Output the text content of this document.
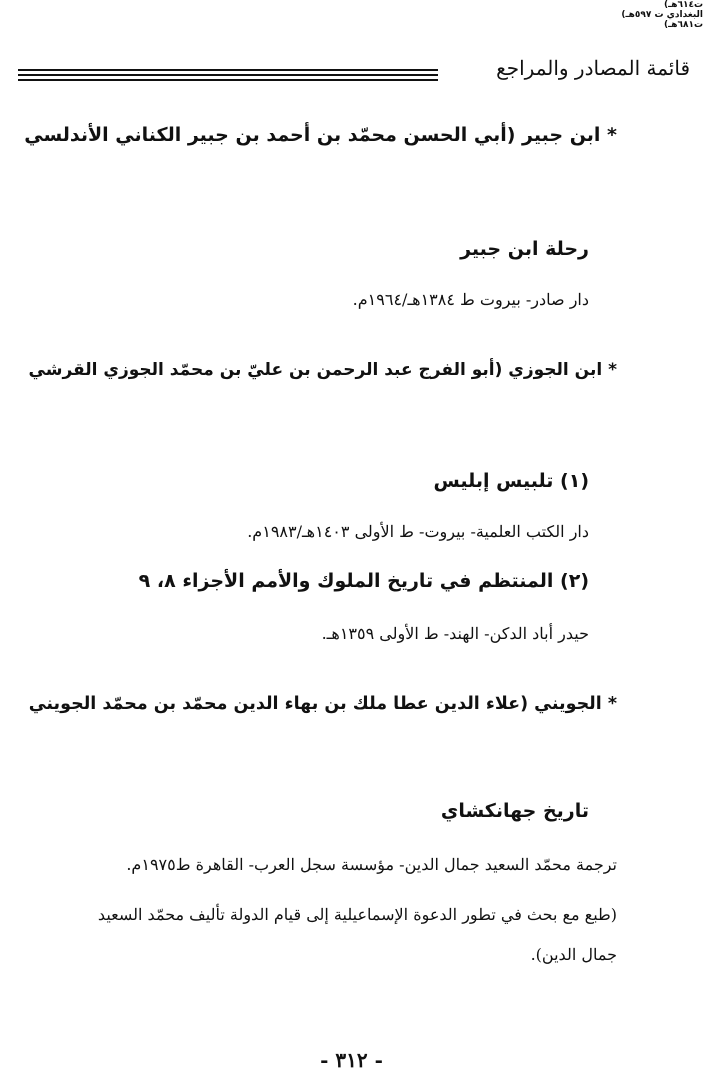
قائمة المصادر والمراجع
* ابن جبير (أبي الحسن محمّد بن أحمد بن جبير الكناني الأندلسي
ت٦١٤هـ)
رحلة ابن جبير
دار صادر- بيروت ط ١٣٨٤هـ/١٩٦٤م.
* ابن الجوزي (أبو الفرج عبد الرحمن بن عليّ بن محمّد الجوزي القرشي
البغدادي ت ٥٩٧هـ)
(١) تلبيس إبليس
دار الكتب العلمية- بيروت- ط الأولى ١٤٠٣هـ/١٩٨٣م.
(٢) المنتظم في تاريخ الملوك والأمم الأجزاء ٨، ٩
حيدر أباد الدكن- الهند- ط الأولى ١٣٥٩هـ.
* الجويني (علاء الدين عطا ملك بن بهاء الدين محمّد بن محمّد الجويني
ت٦٨١هـ)
تاريخ جهانكشاي
ترجمة محمّد السعيد جمال الدين- مؤسسة سجل العرب- القاهرة ط١٩٧٥م.
(طبع مع بحث في تطور الدعوة الإسماعيلية إلى قيام الدولة تأليف محمّد السعيد
جمال الدين).
- ٣١٢ -
